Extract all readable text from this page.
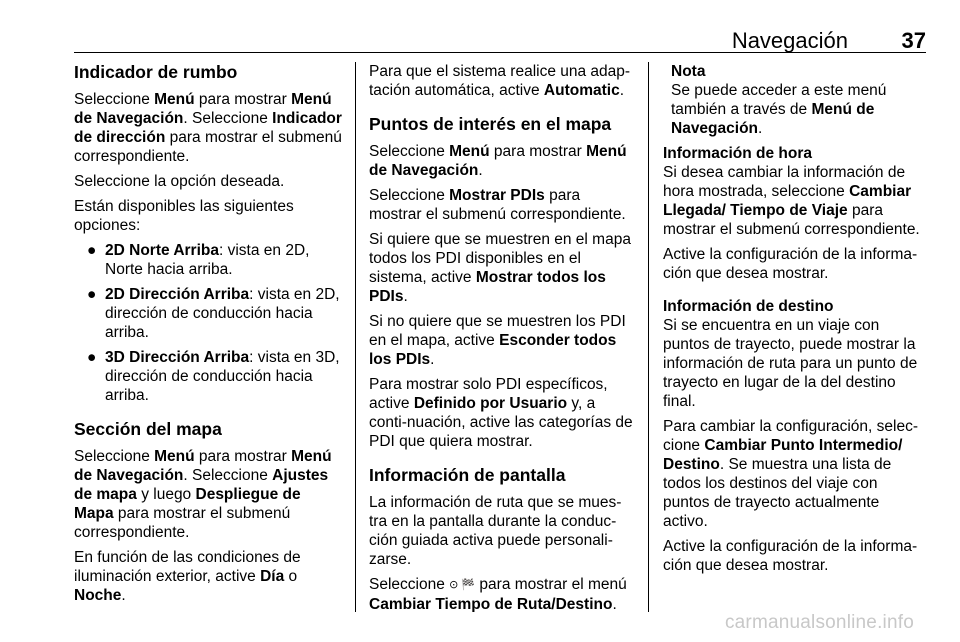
Navegación 37
Indicador de rumbo

Seleccione Menú para mostrar Menú de Navegación. Seleccione Indicador de dirección para mostrar el submenú correspondiente.

Seleccione la opción deseada.

Están disponibles las siguientes opciones:

● 2D Norte Arriba: vista en 2D, Norte hacia arriba.
● 2D Dirección Arriba: vista en 2D, dirección de conducción hacia arriba.
● 3D Dirección Arriba: vista en 3D, dirección de conducción hacia arriba.
Sección del mapa

Seleccione Menú para mostrar Menú de Navegación. Seleccione Ajustes de mapa y luego Despliegue de Mapa para mostrar el submenú correspondiente.

En función de las condiciones de iluminación exterior, active Día o Noche.

Para que el sistema realice una adap-tación automática, active Automatic.

Puntos de interés en el mapa

Seleccione Menú para mostrar Menú de Navegación.

Seleccione Mostrar PDIs para mostrar el submenú correspondiente.

Si quiere que se muestren en el mapa todos los PDI disponibles en el sistema, active Mostrar todos los PDIs.

Si no quiere que se muestren los PDI en el mapa, active Esconder todos los PDIs.

Para mostrar solo PDI específicos, active Definido por Usuario y, a conti-nuación, active las categorías de PDI que quiera mostrar.

Información de pantalla

La información de ruta que se mues-tra en la pantalla durante la conduc-ción guiada activa puede personali-zarse.

Seleccione ⊙ 🏁 para mostrar el menú Cambiar Tiempo de Ruta/Destino.

Nota
Se puede acceder a este menú también a través de Menú de Navegación.
Información de hora

Si desea cambiar la información de hora mostrada, seleccione Cambiar Llegada/ Tiempo de Viaje para mostrar el submenú correspondiente.

Active la configuración de la informa-ción que desea mostrar.

Información de destino

Si se encuentra en un viaje con puntos de trayecto, puede mostrar la información de ruta para un punto de trayecto en lugar de la del destino final.

Para cambiar la configuración, selec-cione Cambiar Punto Intermedio/ Destino. Se muestra una lista de todos los destinos del viaje con puntos de trayecto actualmente activo.

Active la configuración de la informa-ción que desea mostrar.

carmanualsonline.info
